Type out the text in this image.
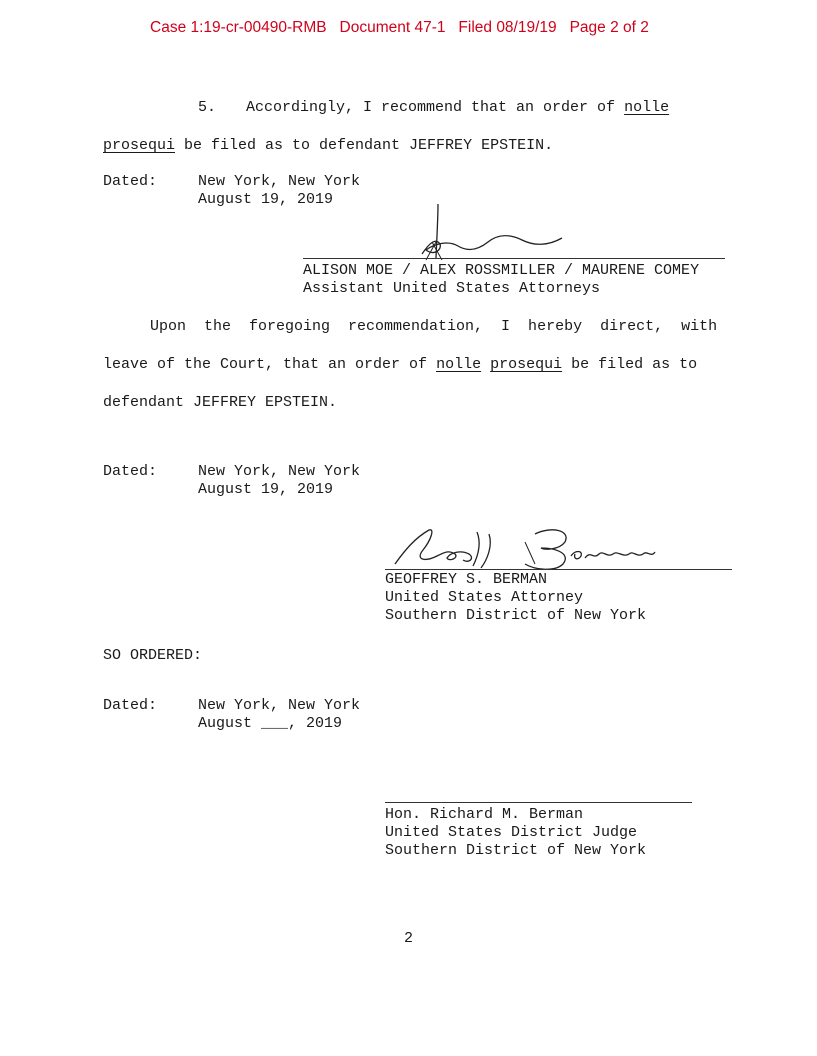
Case 1:19-cr-00490-RMB   Document 47-1   Filed 08/19/19   Page 2 of 2
5. Accordingly, I recommend that an order of nolle
prosequi be filed as to defendant JEFFREY EPSTEIN.
Dated:	New York, New York
August 19, 2019
ALISON MOE / ALEX ROSSMILLER / MAURENE COMEY
Assistant United States Attorneys
Upon  the  foregoing  recommendation,  I  hereby  direct,  with
leave of the Court, that an order of nolle prosequi be filed as to
defendant JEFFREY EPSTEIN.
Dated:	New York, New York
August 19, 2019
GEOFFREY S. BERMAN
United States Attorney
Southern District of New York
SO ORDERED:
Dated:	New York, New York
August ___, 2019
Hon. Richard M. Berman
United States District Judge
Southern District of New York
2
